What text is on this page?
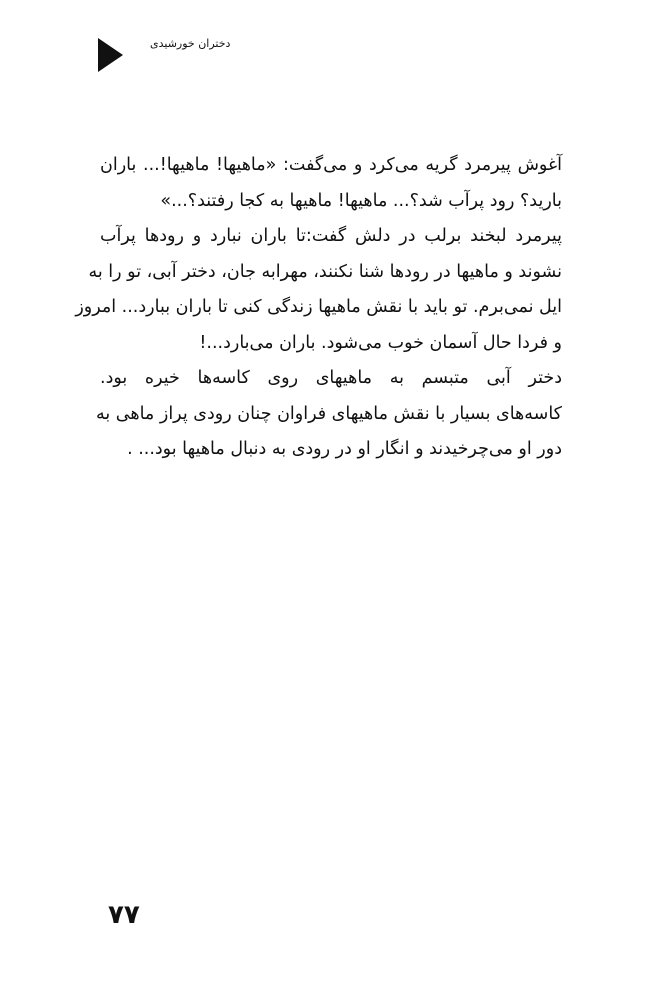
دختران خورشیدی

آغوش پیرمرد گریه می‌کرد و می‌گفت: «ماهیها! ماهیها!... باران
بارید؟ رود پرآب شد؟... ماهیها! ماهیها به کجا رفتند؟...»

پیرمرد لبخند برلب در دلش گفت:تا باران نبارد و رودها پرآب
نشوند و ماهیها در رودها شنا نکنند، مهرابه جان، دختر آبی، تو را به
ایل نمی‌برم. تو باید با نقش ماهیها زندگی کنی تا باران ببارد... امروز
و فردا حال آسمان خوب می‌شود. باران می‌بارد...!

دختر آبی متبسم به ماهیهای روی کاسه‌ها خیره بود.
کاسه‌های بسیار با نقش ماهیهای فراوان چنان رودی پراز ماهی به
دور او می‌چرخیدند و انگار او در رودی به دنبال ماهیها بود... .

۷۷
